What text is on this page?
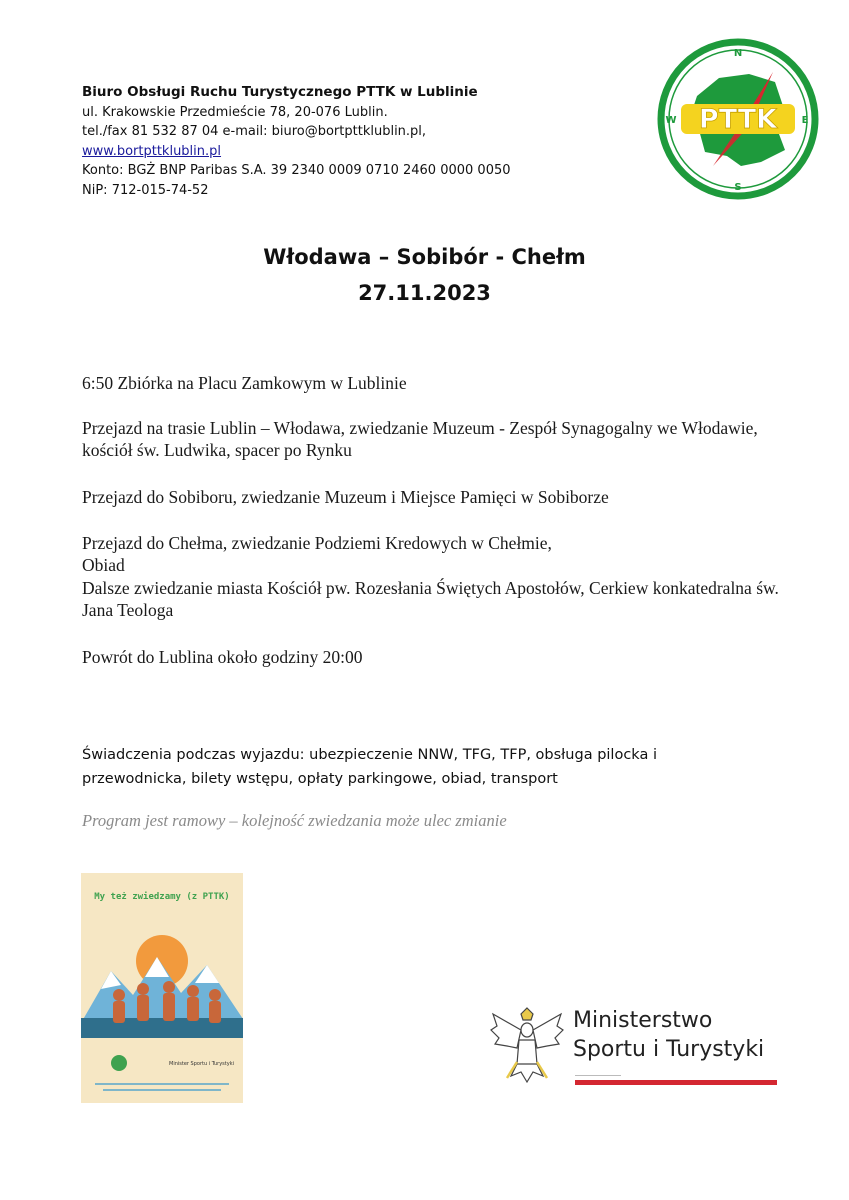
Biuro Obsługi Ruchu Turystycznego PTTK w Lublinie
ul. Krakowskie Przedmieście 78, 20-076 Lublin.
tel./fax 81 532 87 04 e-mail: biuro@bortpttklublin.pl,
www.bortpttklublin.pl
Konto: BGŻ BNP Paribas S.A. 39 2340 0009 0710 2460 0000 0050
NiP: 712-015-74-52
PTTK
N
E
S
W
Włodawa – Sobibór - Chełm
27.11.2023
6:50 Zbiórka na Placu Zamkowym w Lublinie
Przejazd na trasie Lublin – Włodawa, zwiedzanie Muzeum - Zespół Synagogalny we Włodawie, kościół św. Ludwika, spacer po Rynku
Przejazd do Sobiboru, zwiedzanie Muzeum i Miejsce Pamięci w Sobiborze
Przejazd do Chełma, zwiedzanie Podziemi Kredowych w Chełmie,
Obiad
Dalsze zwiedzanie miasta Kościół pw. Rozesłania Świętych Apostołów, Cerkiew konkatedralna św. Jana Teologa
Powrót do Lublina około godziny 20:00
Świadczenia podczas wyjazdu: ubezpieczenie NNW, TFG, TFP, obsługa pilocka i przewodnicka, bilety wstępu, opłaty parkingowe, obiad, transport
Program jest ramowy – kolejność zwiedzania może ulec zmianie
My też zwiedzamy (z PTTK)
Minister Sportu i Turystyki
Ministerstwo
Sportu i Turystyki
